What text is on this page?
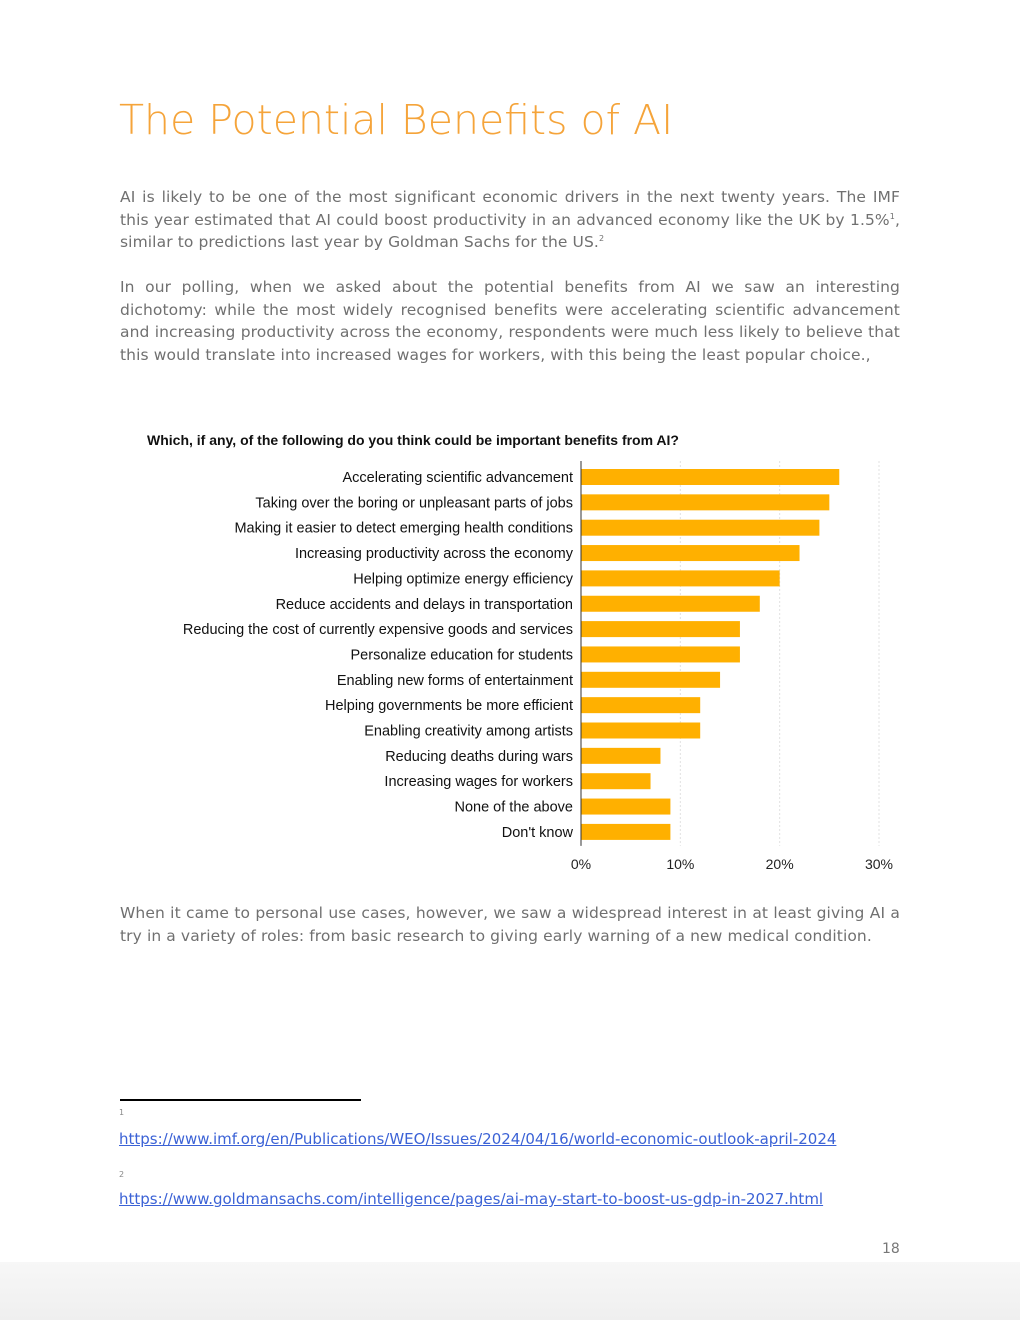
The Potential Benefits of AI

AI is likely to be one of the most significant economic drivers in the next twenty years. The IMF this year estimated that AI could boost productivity in an advanced economy like the UK by 1.5%$^1$, similar to predictions last year by Goldman Sachs for the US.$^2$

In our polling, when we asked about the potential benefits from AI we saw an interesting dichotomy: while the most widely recognised benefits were accelerating scientific advancement and increasing productivity across the economy, respondents were much less likely to believe that this would translate into increased wages for workers, with this being the least popular choice.,

Which, if any, of the following do you think could be important benefits from AI?
Accelerating scientific advancement
Taking over the boring or unpleasant parts of jobs
Making it easier to detect emerging health conditions
Increasing productivity across the economy
Helping optimize energy efficiency
Reduce accidents and delays in transportation
Reducing the cost of currently expensive goods and services
Personalize education for students
Enabling new forms of entertainment
Helping governments be more efficient
Enabling creativity among artists
Reducing deaths during wars
Increasing wages for workers
None of the above
Don't know
0%	10%	20%	30%

When it came to personal use cases, however, we saw a widespread interest in at least giving AI a try in a variety of roles: from basic research to giving early warning of a new medical condition.

1

https://www.imf.org/en/Publications/WEO/Issues/2024/04/16/world-economic-outlook-april-2024

2

https://www.goldmansachs.com/intelligence/pages/ai-may-start-to-boost-us-gdp-in-2027.html

18
